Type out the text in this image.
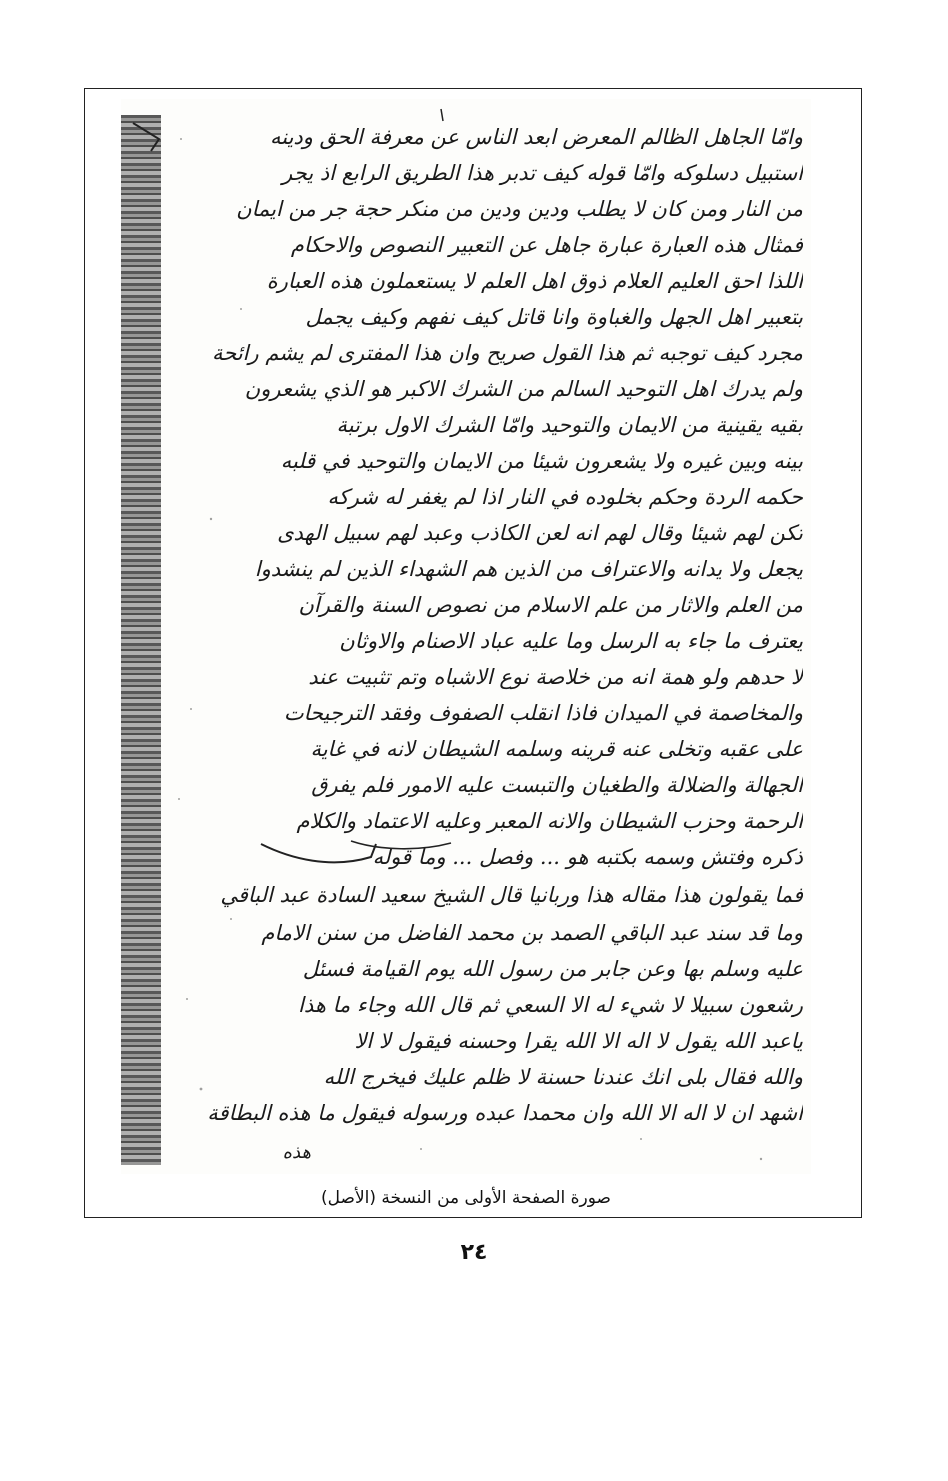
وامّا الجاهل الظالم المعرض ابعد الناس عن معرفة الحق ودينه
استبيل دسلوكه وامّا قوله كيف تدبر هذا الطريق الرابع اذ يجر
من النار ومن كان لا يطلب ودين ودين من منكر حجة جر من ايمان
فمثال هذه العبارة عبارة جاهل عن التعبير النصوص والاحكام
اللذا احق العليم العلام ذوق اهل العلم لا يستعملون هذه العبارة
بتعبير اهل الجهل والغباوة وانا قاتل كيف نفهم وكيف يجمل
مجرد كيف توجبه ثم هذا القول صريح وان هذا المفترى لم يشم رائحة
ولم يدرك اهل التوحيد السالم من الشرك الاكبر هو الذي يشعرون
بقيه يقينية من الايمان والتوحيد وامّا الشرك الاول برتبة
بينه وبين غيره ولا يشعرون شيئا من الايمان والتوحيد في قلبه
حكمه الردة وحكم بخلوده في النار اذا لم يغفر له شركه
تكن لهم شيئا وقال لهم انه لعن الكاذب وعبد لهم سبيل الهدى
يجعل ولا يدانه والاعتراف من الذين هم الشهداء الذين لم ينشدوا
من العلم والاثار من علم الاسلام من نصوص السنة والقرآن
يعترف ما جاء به الرسل وما عليه عباد الاصنام والاوثان
لا حدهم ولو همة انه من خلاصة نوع الاشباه وتم تثبيت عند
والمخاصمة في الميدان فاذا انقلب الصفوف وفقد الترجيحات
على عقبه وتخلى عنه قرينه وسلمه الشيطان لانه في غاية
الجهالة والضلالة والطغيان والتبست عليه الامور فلم يفرق
الرحمة وحزب الشيطان والانه المعبر وعليه الاعتماد والكلام
ذكره وفتش وسمه بكتبه هو ... وفصل ... وما قوله
فما يقولون هذا مقاله هذا وربانيا قال الشيخ سعيد السادة عبد الباقي
وما قد سند عبد الباقي الصمد بن محمد الفاضل من سنن الامام
عليه وسلم بها وعن جابر من رسول الله يوم القيامة فسئل
رشعون سبيلا لا شيء له الا السعي ثم قال الله وجاء ما هذا
ياعبد الله يقول لا اله الا الله يقرا وحسنه فيقول لا الا
والله فقال بلى انك عندنا حسنة لا ظلم عليك فيخرج الله
اشهد ان لا اله الا الله وان محمدا عبده ورسوله فيقول ما هذه البطاقة
هذه
صورة الصفحة الأولى من النسخة (الأصل)
٢٤
